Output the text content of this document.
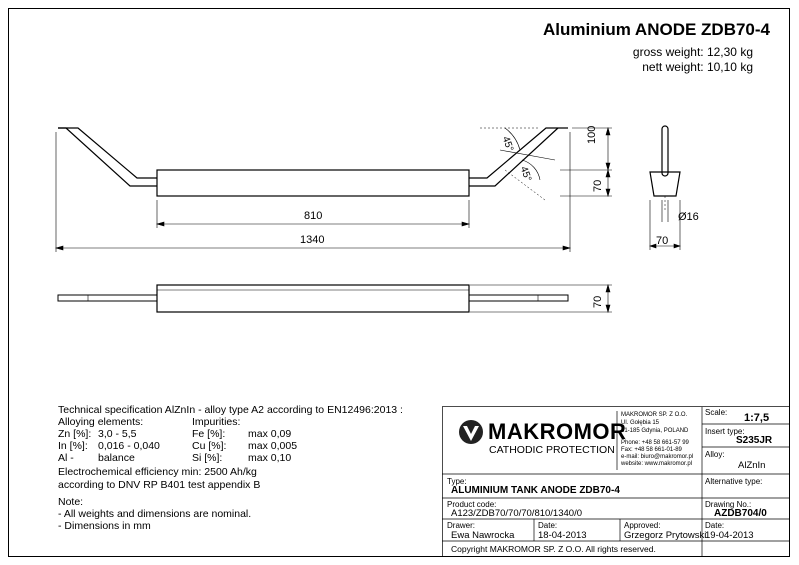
Aluminium ANODE ZDB70-4
gross weight: 12,30 kg
nett weight: 10,10 kg
810
1340
100
70
70
70
Ø16
45°
45°
Technical specification AlZnIn - alloy type A2 according to EN12496:2013 :
Alloying elements:	Impurities:
Zn [%]: 3,0 - 5,5
In [%]: 0,016 - 0,040
Al - balance
Fe [%]: max 0,09
Cu [%]: max 0,005
Si [%]: max 0,10
Electrochemical efficiency min: 2500 Ah/kg
according to DNV RP B401 test appendix B
Note:
- All weights and dimensions are nominal.
- Dimensions in mm
MAKROMOR
CATHODIC PROTECTION
MAKROMOR SP. Z O.O.
Ul. Gołębia 15
81-185 Gdynia, POLAND
Phone: +48 58 661-57 99
Fax: +48 58 661-01-89
e-mail: biuro@makromor.pl
website: www.makromor.pl
Scale: 1:7,5
Insert type:
S235JR
Alloy:
AlZnIn
Type:
ALUMINIUM TANK ANODE ZDB70-4
Alternative type:
Product code:
A123/ZDB70/70/70/810/1340/0
Drawing No.:
AZDB704/0
Drawer:
Ewa Nawrocka
Date:
18-04-2013
Approved:
Grzegorz Prytowski
Date:
19-04-2013
Copyright MAKROMOR SP. Z O.O. All rights reserved.
